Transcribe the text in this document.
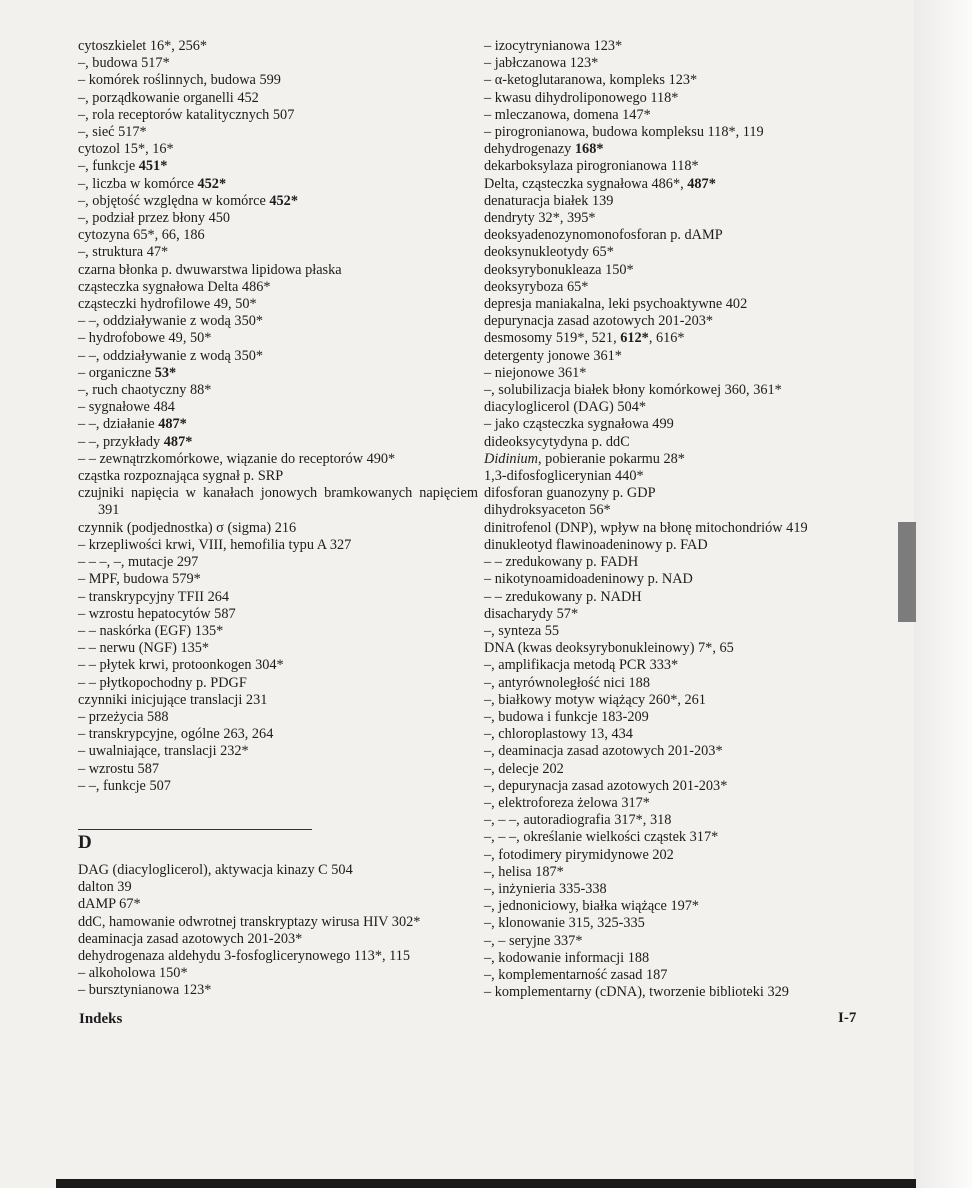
cytoszkielet 16*, 256*
–, budowa 517*
– komórek roślinnych, budowa 599
–, porządkowanie organelli 452
–, rola receptorów katalitycznych 507
–, sieć 517*
cytozol 15*, 16*
–, funkcje 451*
–, liczba w komórce 452*
–, objętość względna w komórce 452*
–, podział przez błony 450
cytozyna 65*, 66, 186
–, struktura 47*
czarna błonka p. dwuwarstwa lipidowa płaska
cząsteczka sygnałowa Delta 486*
cząsteczki hydrofilowe 49, 50*
– –, oddziaływanie z wodą 350*
– hydrofobowe 49, 50*
– –, oddziaływanie z wodą 350*
– organiczne 53*
–, ruch chaotyczny 88*
– sygnałowe 484
– –, działanie 487*
– –, przykłady 487*
– – zewnątrzkomórkowe, wiązanie do receptorów 490*
cząstka rozpoznająca sygnał p. SRP
czujniki napięcia w kanałach jonowych bramkowanych napięciem 391
czynnik (podjednostka) σ (sigma) 216
– krzepliwości krwi, VIII, hemofilia typu A 327
– – –, –, mutacje 297
– MPF, budowa 579*
– transkrypcyjny TFII 264
– wzrostu hepatocytów 587
– – naskórka (EGF) 135*
– – nerwu (NGF) 135*
– – płytek krwi, protoonkogen 304*
– – płytkopochodny p. PDGF
czynniki inicjujące translacji 231
– przeżycia 588
– transkrypcyjne, ogólne 263, 264
– uwalniające, translacji 232*
– wzrostu 587
– –, funkcje 507
D
DAG (diacyloglicerol), aktywacja kinazy C 504
dalton 39
dAMP 67*
ddC, hamowanie odwrotnej transkryptazy wirusa HIV 302*
deaminacja zasad azotowych 201-203*
dehydrogenaza aldehydu 3-fosfoglicerynowego 113*, 115
– alkoholowa 150*
– bursztynianowa 123*
– izocytrynianowa 123*
– jabłczanowa 123*
– α-ketoglutaranowa, kompleks 123*
– kwasu dihydroliponowego 118*
– mleczanowa, domena 147*
– pirogronianowa, budowa kompleksu 118*, 119
dehydrogenazy 168*
dekarboksylaza pirogronianowa 118*
Delta, cząsteczka sygnałowa 486*, 487*
denaturacja białek 139
dendryty 32*, 395*
deoksyadenozynomonofosforan p. dAMP
deoksynukleotydy 65*
deoksyrybonukleaza 150*
deoksyryboza 65*
depresja maniakalna, leki psychoaktywne 402
depurynacja zasad azotowych 201-203*
desmosomy 519*, 521, 612*, 616*
detergenty jonowe 361*
– niejonowe 361*
–, solubilizacja białek błony komórkowej 360, 361*
diacyloglicerol (DAG) 504*
– jako cząsteczka sygnałowa 499
dideoksycytydyna p. ddC
Didinium, pobieranie pokarmu 28*
1,3-difosfoglicerynian 440*
difosforan guanozyny p. GDP
dihydroksyaceton 56*
dinitrofenol (DNP), wpływ na błonę mitochondriów 419
dinukleotyd flawinoadeninowy p. FAD
– – zredukowany p. FADH
– nikotynoamidoadeninowy p. NAD
– – zredukowany p. NADH
disacharydy 57*
–, synteza 55
DNA (kwas deoksyrybonukleinowy) 7*, 65
–, amplifikacja metodą PCR 333*
–, antyrównoległość nici 188
–, białkowy motyw wiążący 260*, 261
–, budowa i funkcje 183-209
–, chloroplastowy 13, 434
–, deaminacja zasad azotowych 201-203*
–, delecje 202
–, depurynacja zasad azotowych 201-203*
–, elektroforeza żelowa 317*
–, – –, autoradiografia 317*, 318
–, – –, określanie wielkości cząstek 317*
–, fotodimery pirymidynowe 202
–, helisa 187*
–, inżynieria 335-338
–, jednoniciowy, białka wiążące 197*
–, klonowanie 315, 325-335
–, – seryjne 337*
–, kodowanie informacji 188
–, komplementarność zasad 187
– komplementarny (cDNA), tworzenie biblioteki 329
Indeks	I-7
